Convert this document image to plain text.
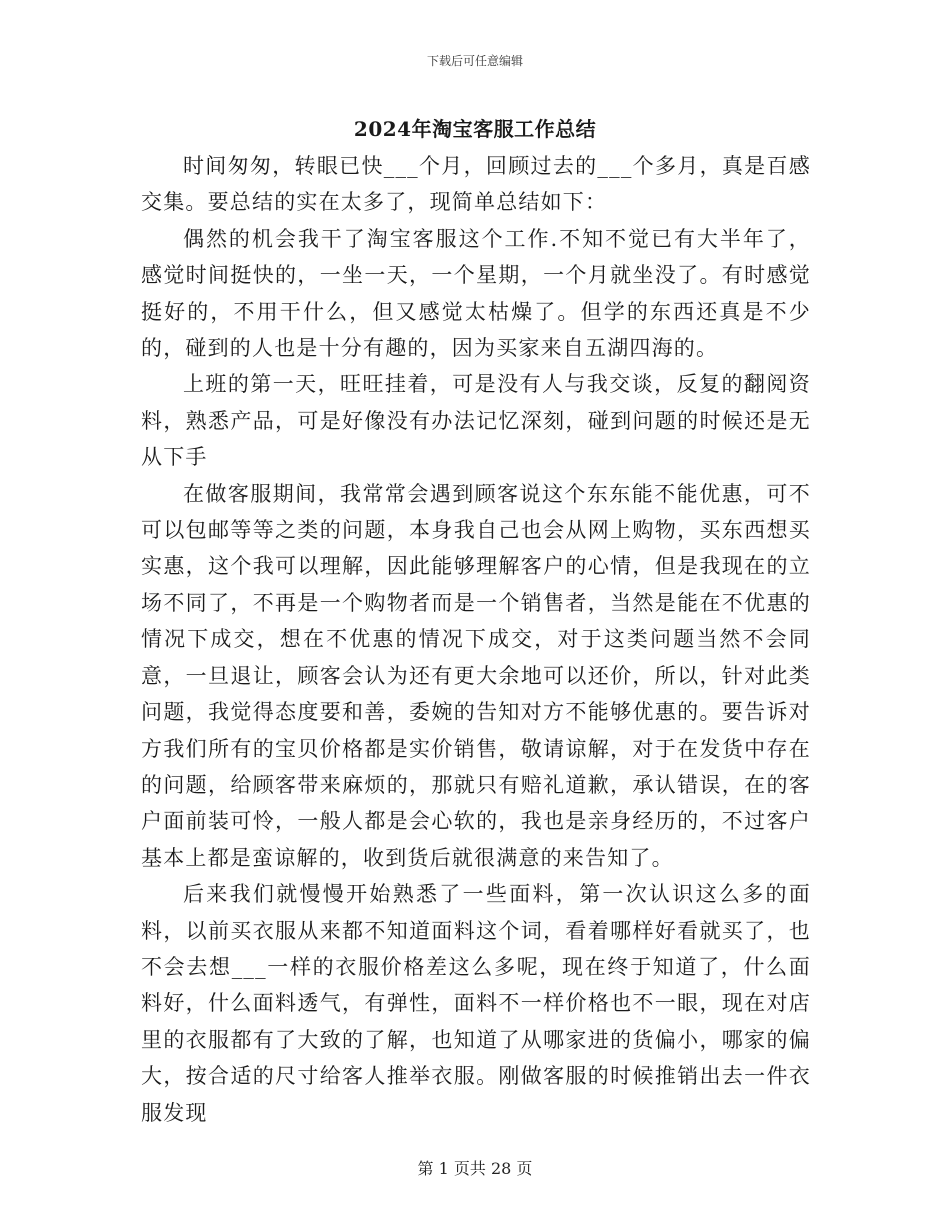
下载后可任意编辑
2024年淘宝客服工作总结

时间匆匆，转眼已快___个月，回顾过去的___个多月，真是百感交集。要总结的实在太多了，现简单总结如下：

偶然的机会我干了淘宝客服这个工作.不知不觉已有大半年了，感觉时间挺快的，一坐一天，一个星期，一个月就坐没了。有时感觉挺好的，不用干什么，但又感觉太枯燥了。但学的东西还真是不少的，碰到的人也是十分有趣的，因为买家来自五湖四海的。

上班的第一天，旺旺挂着，可是没有人与我交谈，反复的翻阅资料，熟悉产品，可是好像没有办法记忆深刻，碰到问题的时候还是无从下手

在做客服期间，我常常会遇到顾客说这个东东能不能优惠，可不可以包邮等等之类的问题，本身我自己也会从网上购物，买东西想买实惠，这个我可以理解，因此能够理解客户的心情，但是我现在的立场不同了，不再是一个购物者而是一个销售者，当然是能在不优惠的情况下成交，想在不优惠的情况下成交，对于这类问题当然不会同意，一旦退让，顾客会认为还有更大余地可以还价，所以，针对此类问题，我觉得态度要和善，委婉的告知对方不能够优惠的。要告诉对方我们所有的宝贝价格都是实价销售，敬请谅解，对于在发货中存在的问题，给顾客带来麻烦的，那就只有赔礼道歉，承认错误，在的客户面前装可怜，一般人都是会心软的，我也是亲身经历的，不过客户基本上都是蛮谅解的，收到货后就很满意的来告知了。

后来我们就慢慢开始熟悉了一些面料，第一次认识这么多的面料，以前买衣服从来都不知道面料这个词，看着哪样好看就买了，也不会去想___一样的衣服价格差这么多呢，现在终于知道了，什么面料好，什么面料透气，有弹性，面料不一样价格也不一眼，现在对店里的衣服都有了大致的了解，也知道了从哪家进的货偏小，哪家的偏大，按合适的尺寸给客人推举衣服。刚做客服的时候推销出去一件衣服发现

第 1 页共 28 页
